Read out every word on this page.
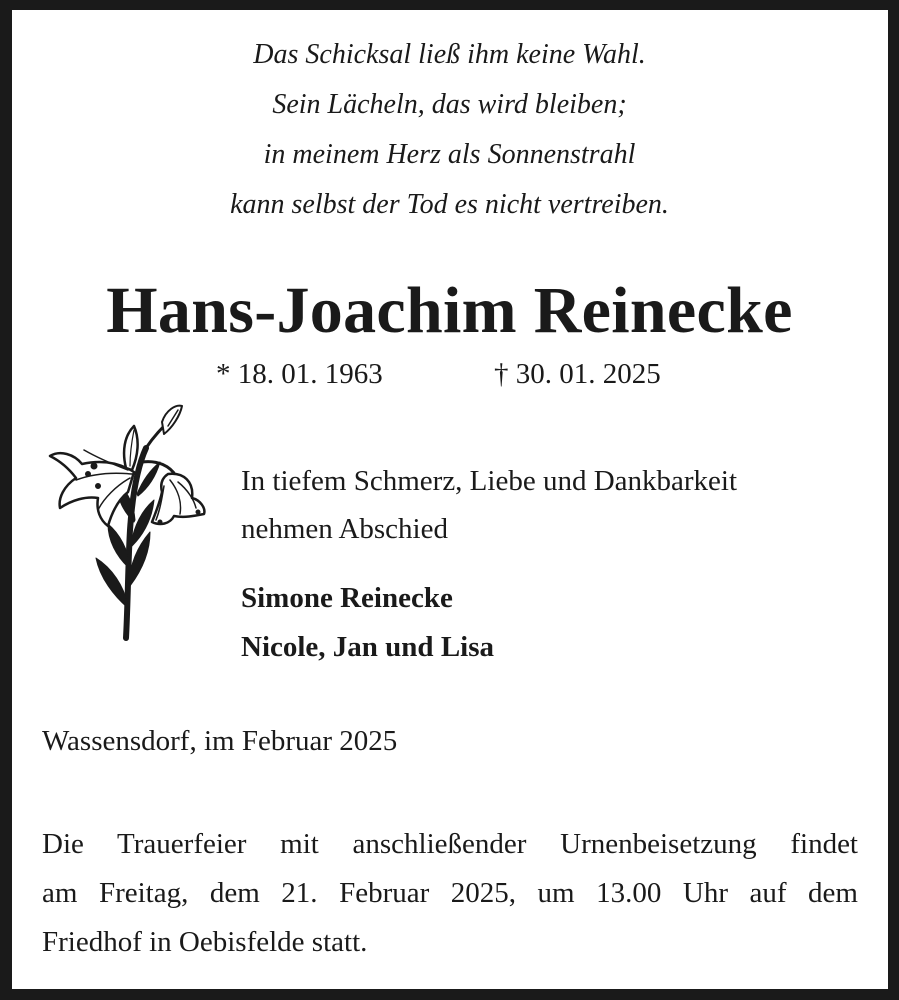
Das Schicksal ließ ihm keine Wahl.
Sein Lächeln, das wird bleiben;
in meinem Herz als Sonnenstrahl
kann selbst der Tod es nicht vertreiben.
Hans-Joachim Reinecke
* 18. 01. 1963	† 30. 01. 2025
In tiefem Schmerz, Liebe und Dankbarkeit
nehmen Abschied
Simone Reinecke
Nicole, Jan und Lisa
Wassensdorf, im Februar 2025
Die Trauerfeier mit anschließender Urnenbeisetzung findet
am Freitag, dem 21. Februar 2025, um 13.00 Uhr auf dem
Friedhof in Oebisfelde statt.
